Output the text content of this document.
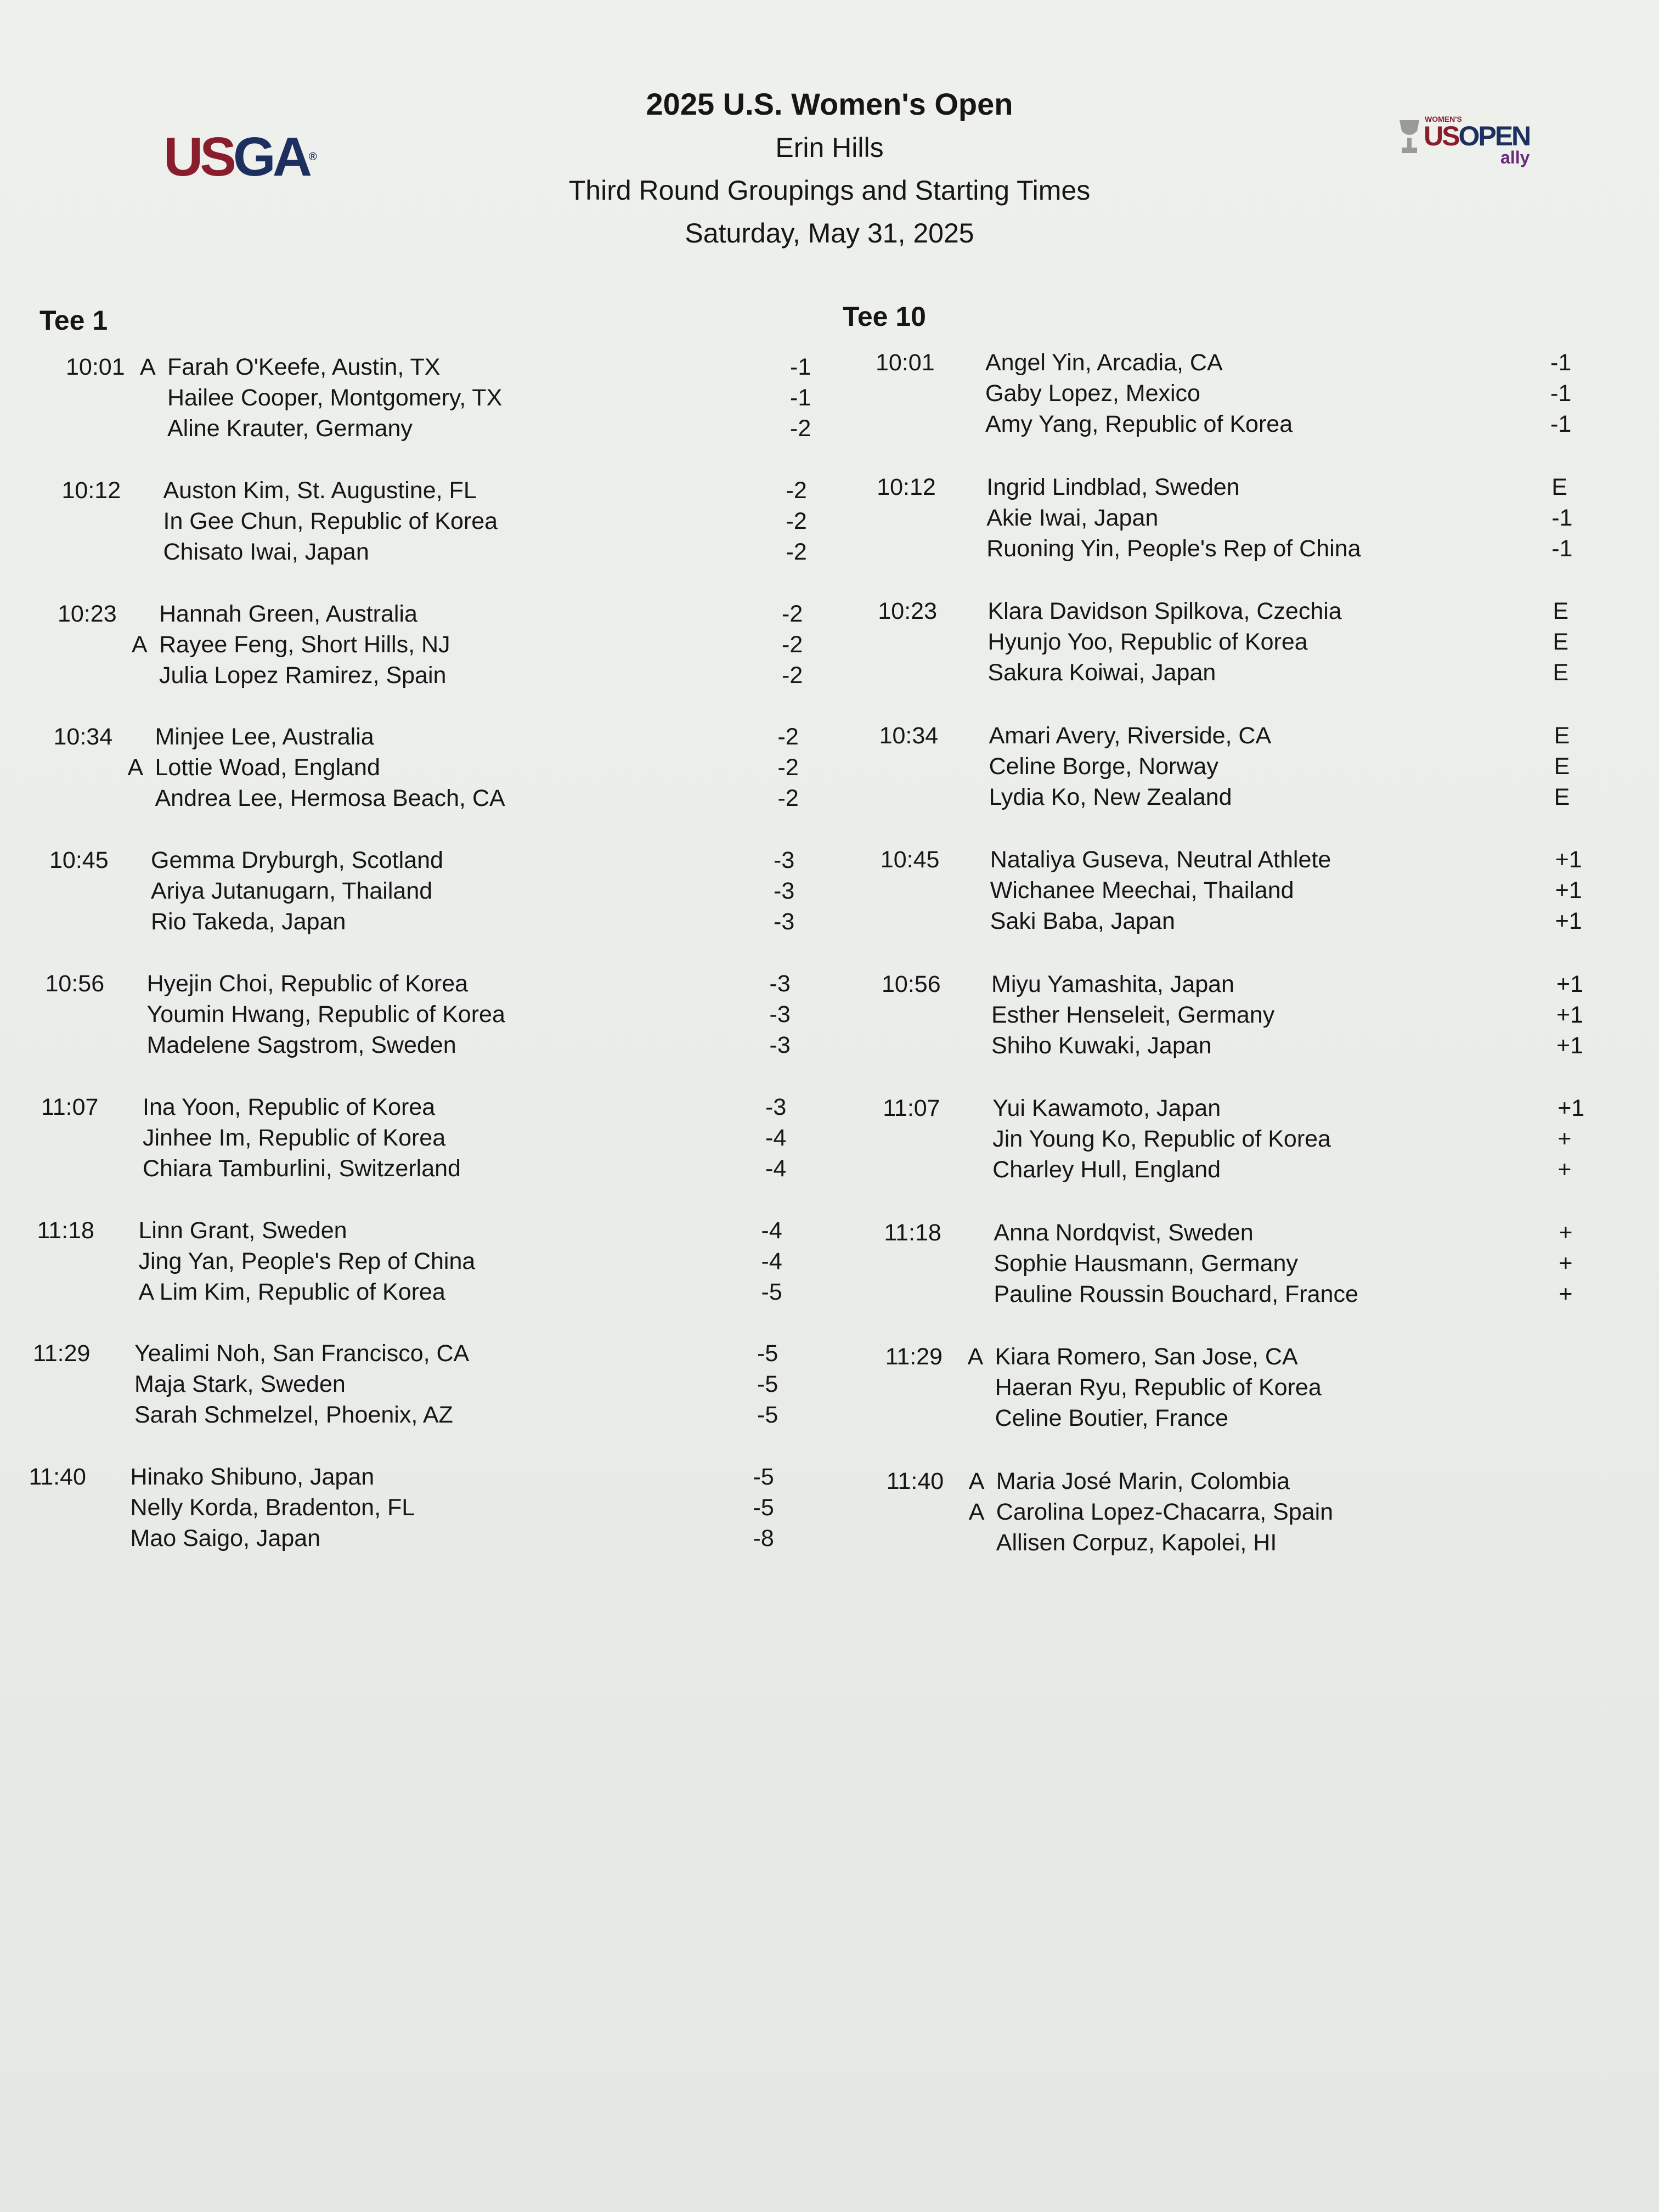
USGA®
WOMEN'S
USOPEN
ally
2025 U.S. Women's Open
Erin Hills
Third Round Groupings and Starting Times
Saturday, May 31, 2025
Tee 1
10:01 A Farah O'Keefe, Austin, TX	-1
Hailee Cooper, Montgomery, TX	-1
Aline Krauter, Germany	-2
10:12 Auston Kim, St. Augustine, FL	-2
In Gee Chun, Republic of Korea	-2
Chisato Iwai, Japan	-2
10:23 Hannah Green, Australia	-2
A Rayee Feng, Short Hills, NJ	-2
Julia Lopez Ramirez, Spain	-2
10:34 Minjee Lee, Australia	-2
A Lottie Woad, England	-2
Andrea Lee, Hermosa Beach, CA	-2
10:45 Gemma Dryburgh, Scotland	-3
Ariya Jutanugarn, Thailand	-3
Rio Takeda, Japan	-3
10:56 Hyejin Choi, Republic of Korea	-3
Youmin Hwang, Republic of Korea	-3
Madelene Sagstrom, Sweden	-3
11:07 Ina Yoon, Republic of Korea	-3
Jinhee Im, Republic of Korea	-4
Chiara Tamburlini, Switzerland	-4
11:18 Linn Grant, Sweden	-4
Jing Yan, People's Rep of China	-4
A Lim Kim, Republic of Korea	-5
11:29 Yealimi Noh, San Francisco, CA	-5
Maja Stark, Sweden	-5
Sarah Schmelzel, Phoenix, AZ	-5
11:40 Hinako Shibuno, Japan	-5
Nelly Korda, Bradenton, FL	-5
Mao Saigo, Japan	-8
Tee 10
10:01 Angel Yin, Arcadia, CA	-1
Gaby Lopez, Mexico	-1
Amy Yang, Republic of Korea	-1
10:12 Ingrid Lindblad, Sweden	E
Akie Iwai, Japan	-1
Ruoning Yin, People's Rep of China	-1
10:23 Klara Davidson Spilkova, Czechia	E
Hyunjo Yoo, Republic of Korea	E
Sakura Koiwai, Japan	E
10:34 Amari Avery, Riverside, CA	E
Celine Borge, Norway	E
Lydia Ko, New Zealand	E
10:45 Nataliya Guseva, Neutral Athlete	+1
Wichanee Meechai, Thailand	+1
Saki Baba, Japan	+1
10:56 Miyu Yamashita, Japan	+1
Esther Henseleit, Germany	+1
Shiho Kuwaki, Japan	+1
11:07 Yui Kawamoto, Japan	+1
Jin Young Ko, Republic of Korea	+
Charley Hull, England	+
11:18 Anna Nordqvist, Sweden	+
Sophie Hausmann, Germany	+
Pauline Roussin Bouchard, France	+
11:29 A Kiara Romero, San Jose, CA
Haeran Ryu, Republic of Korea
Celine Boutier, France
11:40 A Maria José Marin, Colombia
A Carolina Lopez-Chacarra, Spain
Allisen Corpuz, Kapolei, HI
